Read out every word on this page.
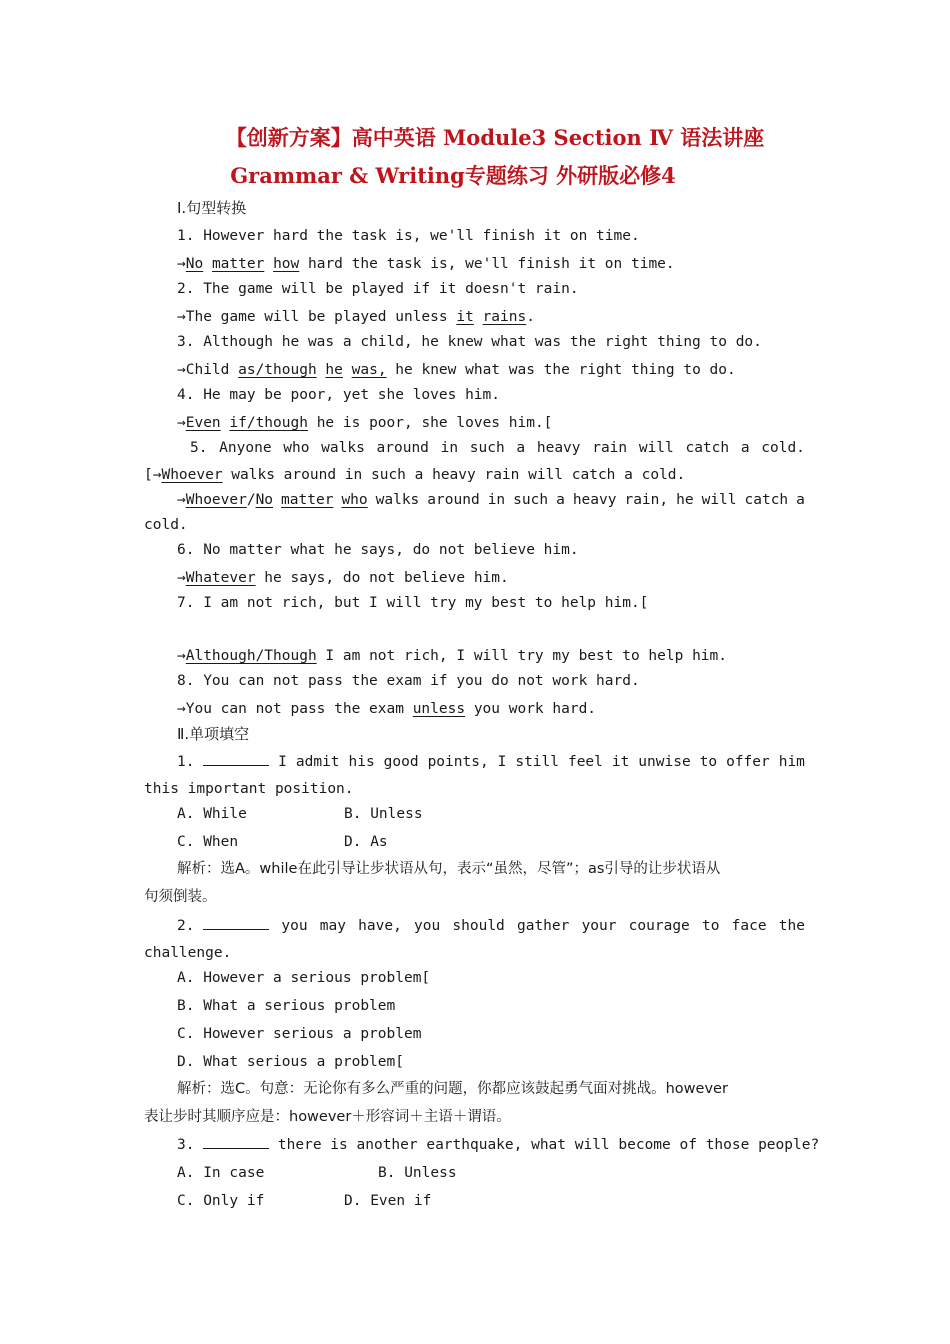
【创新方案】高中英语 Module3 Section Ⅳ 语法讲座
Grammar & Writing专题练习 外研版必修4
Ⅰ.句型转换
1. However hard the task is, we'll finish it on time.
→No matter how hard the task is, we'll finish it on time.
2. The game will be played if it doesn't rain.
→The game will be played unless it rains.
3. Although he was a child, he knew what was the right thing to do.
→Child as/though he was, he knew what was the right thing to do.
4. He may be poor, yet she loves him.
→Even if/though he is poor, she loves him.[
5. Anyone who walks around in such a heavy rain will catch a cold.
[→Whoever walks around in such a heavy rain will catch a cold.
→Whoever/No matter who walks around in such a heavy rain, he will catch a
cold.
6. No matter what he says, do not believe him.
→Whatever he says, do not believe him.
7. I am not rich, but I will try my best to help him.[
→Although/Though I am not rich, I will try my best to help him.
8. You can not pass the exam if you do not work hard.
→You can not pass the exam unless you work hard.
Ⅱ.单项填空
1.	I admit his good points, I still feel it unwise to offer him
this important position.
A. While	B. Unless
C. When	D. As
解析：选A。while在此引导让步状语从句，表示“虽然，尽管”；as引导的让步状语从
句须倒装。
2.	you may have, you should gather your courage to face the
challenge.
A. However a serious problem[
B. What a serious problem
C. However serious a problem
D. What serious a problem[
解析：选C。句意：无论你有多么严重的问题，你都应该鼓起勇气面对挑战。however
表让步时其顺序应是：however＋形容词＋主语＋谓语。
3.	there is another earthquake, what will become of those people?
A. In case	B. Unless
C. Only if	D. Even if
